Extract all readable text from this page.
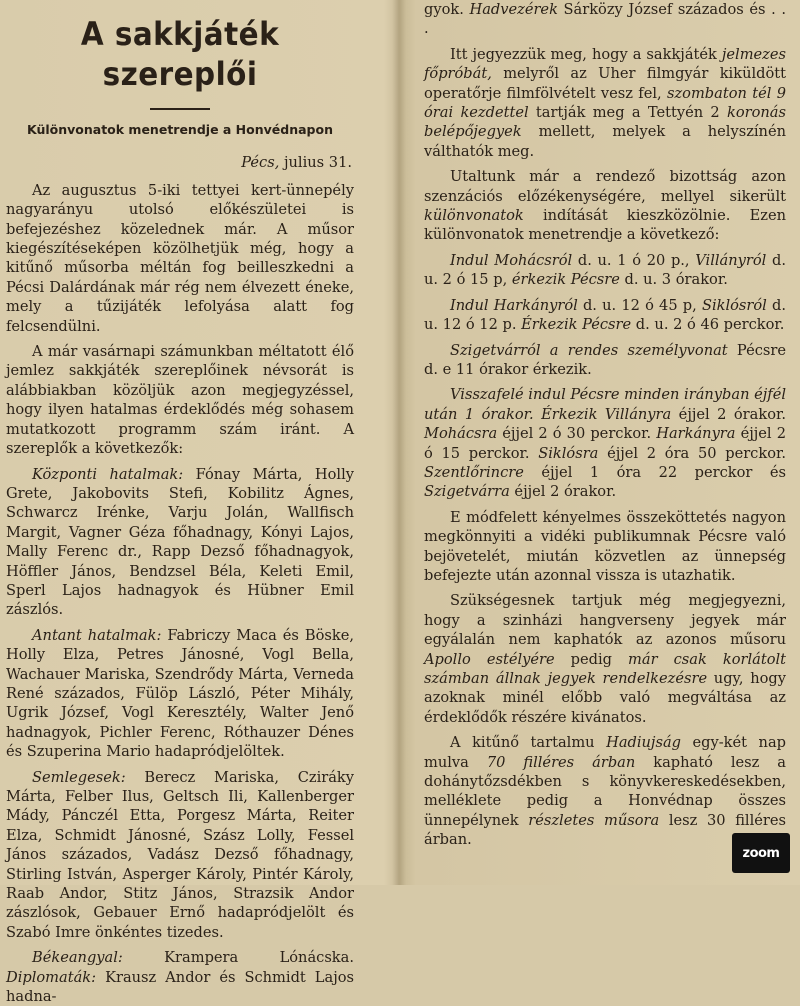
A sakkjáték szereplői
Különvonatok menetrendje a Honvédnapon
Pécs, julius 31.

Az augusztus 5-iki tettyei kert-ünnepély nagyarányu utolsó előkészületei is befejezéshez közelednek már. A műsor kiegészítéseképen közölhetjük még, hogy a kitűnő műsorba méltán fog beilleszkedni a Pécsi Dalárdának már rég nem élvezett éneke, mely a tűzijáték lefolyása alatt fog felcsendülni.

A már vasárnapi számunkban méltatott élő jemlez sakkjáték szereplőinek névsorát is alábbiakban közöljük azon megjegyzéssel, hogy ilyen hatalmas érdeklődés még sohasem mutatkozott programm szám iránt. A szereplők a következők:

Központi hatalmak: Fónay Márta, Holly Grete, Jakobovits Stefi, Kobilitz Ágnes, Schwarcz Irénke, Varju Jolán, Wallfisch Margit, Vagner Géza főhadnagy, Kónyi Lajos, Mally Ferenc dr., Rapp Dezső főhadnagyok, Höffler János, Bendzsel Béla, Keleti Emil, Sperl Lajos hadnagyok és Hübner Emil zászlós.

Antant hatalmak: Fabriczy Maca és Böske, Holly Elza, Petres Jánosné, Vogl Bella, Wachauer Mariska, Szendrődy Márta, Verneda René százados, Fülöp László, Péter Mihály, Ugrik József, Vogl Keresztély, Walter Jenő hadnagyok, Pichler Ferenc, Róthauzer Dénes és Szuperina Mario hadapródjelöltek.

Semlegesek: Berecz Mariska, Cziráky Márta, Felber Ilus, Geltsch Ili, Kallenberger Mády, Pánczél Etta, Porgesz Márta, Reiter Elza, Schmidt Jánosné, Szász Lolly, Fessel János százados, Vadász Dezső főhadnagy, Stirling István, Asperger Károly, Pintér Károly, Raab Andor, Stitz János, Strazsik Andor zászlósok, Gebauer Ernő hadapródjelölt és Szabó Imre önkéntes tizedes.

Békeangyal: Krampera Lónácska. Diplomaták: Krausz Andor és Schmidt Lajos hadna-

gyok. Hadvezérek Sárközy József százados és . . .

Itt jegyezzük meg, hogy a sakkjáték jelmezes főpróbát, melyről az Uher filmgyár kiküldött operatőrje filmfölvételt vesz fel, szombaton tél 9 órai kezdettel tartják meg a Tettyén 2 koronás belépőjegyek mellett, melyek a helyszínén válthatók meg.

Utaltunk már a rendező bizottság azon szenzációs előzékenységére, mellyel sikerült különvonatok indítását kieszközölnie. Ezen különvonatok menetrendje a következő:

Indul Mohácsról d. u. 1 ó 20 p., Villányról d. u. 2 ó 15 p, érkezik Pécsre d. u. 3 órakor.

Indul Harkányról d. u. 12 ó 45 p, Siklósról d. u. 12 ó 12 p. Érkezik Pécsre d. u. 2 ó 46 perckor.

Szigetvárról a rendes személyvonat Pécsre d. e 11 órakor érkezik.

Visszafelé indul Pécsre minden irányban éjfél után 1 órakor. Érkezik Villányra éjjel 2 órakor. Mohácsra éjjel 2 ó 30 perckor. Harkányra éjjel 2 ó 15 perckor. Siklósra éjjel 2 óra 50 perckor. Szentlőrincre éjjel 1 óra 22 perckor és Szigetvárra éjjel 2 órakor.

E módfelett kényelmes összeköttetés nagyon megkönnyiti a vidéki publikumnak Pécsre való bejövetelét, miután közvetlen az ünnepség befejezte után azonnal vissza is utazhatik.

Szükségesnek tartjuk még megjegyezni, hogy a szinházi hangverseny jegyek már egyálalán nem kaphatók az azonos műsoru Apollo estélyére pedig már csak korlátolt számban állnak jegyek rendelkezésre ugy, hogy azoknak minél előbb való megváltása az érdeklődők részére kivánatos.

A kitűnő tartalmu Hadiujság egy-két nap mulva 70 filléres árban kapható lesz a dohánytőzsdékben s könyvkereskedésekben, melléklete pedig a Honvédnap összes ünnepélynek részletes műsora lesz 30 filléres árban.

zoom
